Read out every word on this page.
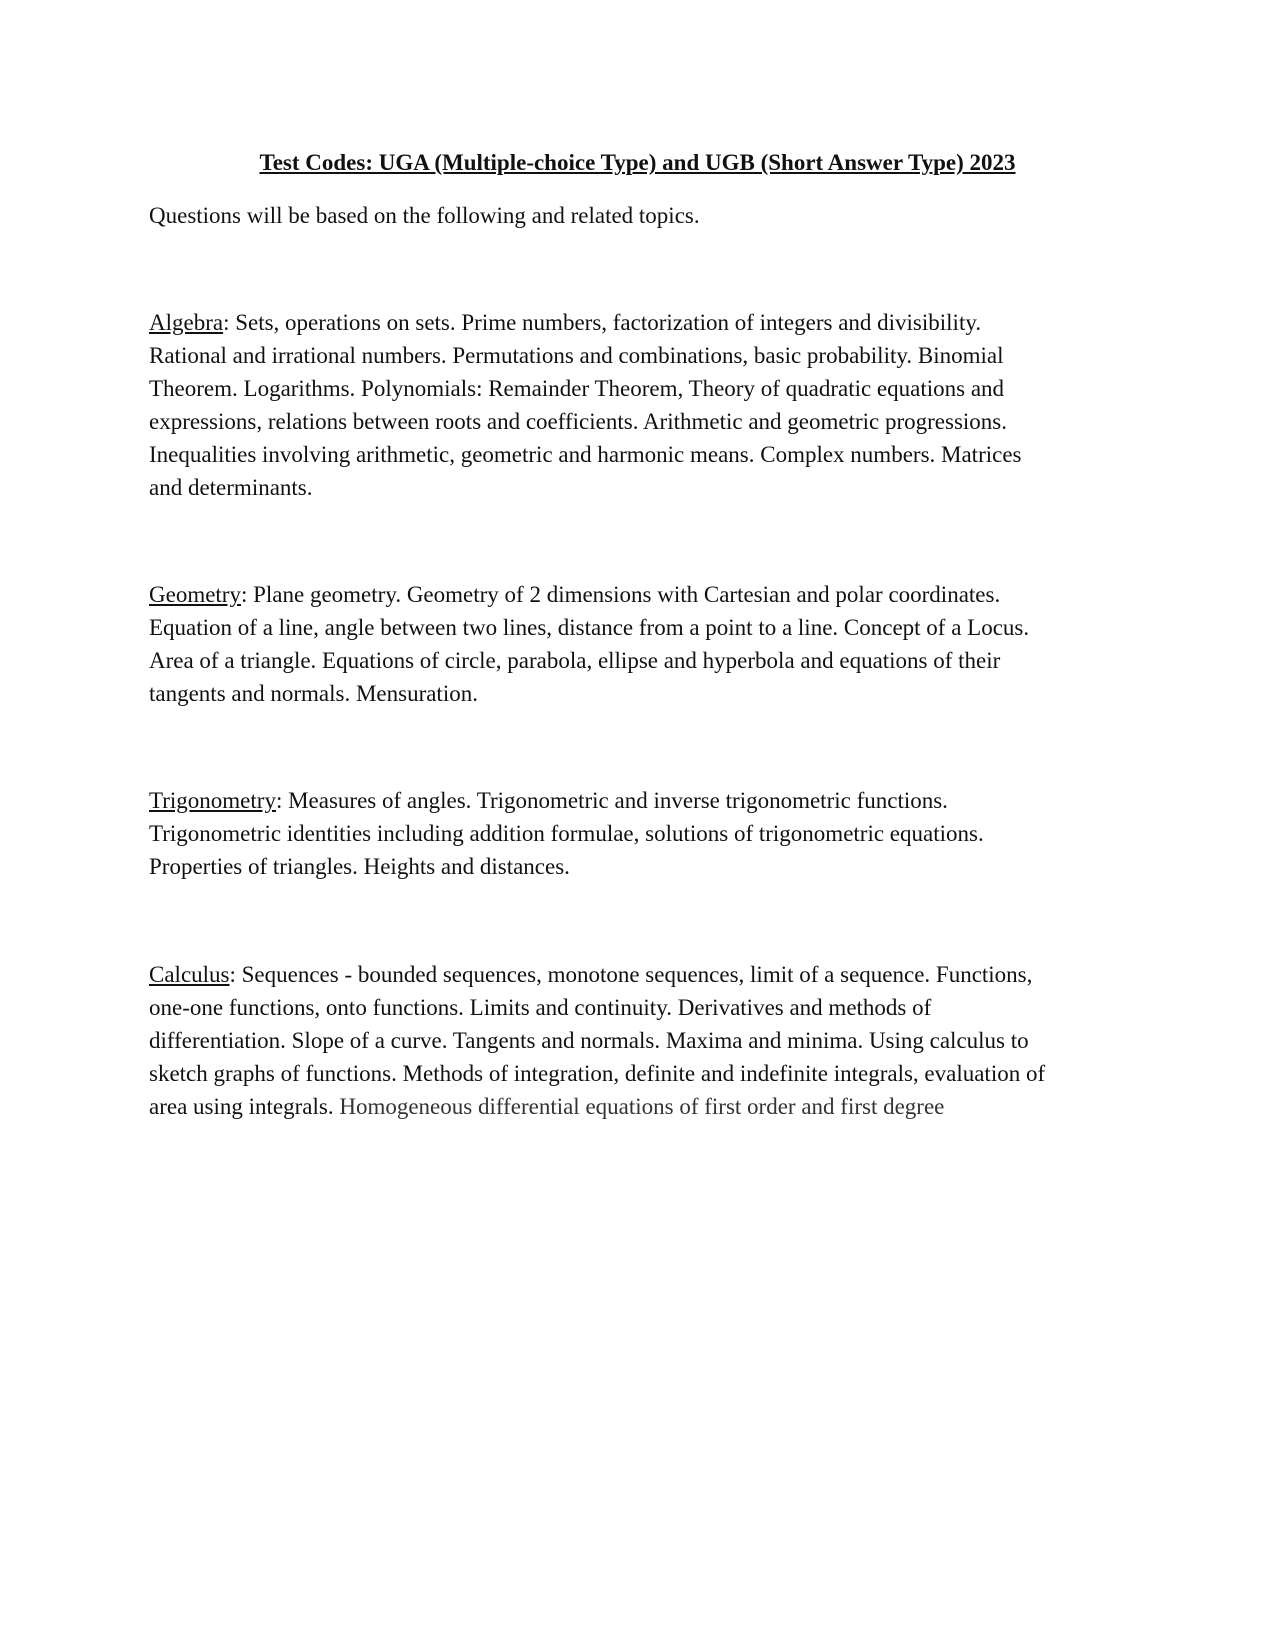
Test Codes: UGA (Multiple-choice Type) and UGB (Short Answer Type) 2023
Questions will be based on the following and related topics.
Algebra: Sets, operations on sets. Prime numbers, factorization of integers and divisibility.
Rational and irrational numbers. Permutations and combinations, basic probability. Binomial
Theorem. Logarithms. Polynomials: Remainder Theorem, Theory of quadratic equations and
expressions, relations between roots and coefficients. Arithmetic and geometric progressions.
Inequalities involving arithmetic, geometric and harmonic means. Complex numbers. Matrices
and determinants.
Geometry: Plane geometry. Geometry of 2 dimensions with Cartesian and polar coordinates.
Equation of a line, angle between two lines, distance from a point to a line. Concept of a Locus.
Area of a triangle. Equations of circle, parabola, ellipse and hyperbola and equations of their
tangents and normals. Mensuration.
Trigonometry: Measures of angles. Trigonometric and inverse trigonometric functions.
Trigonometric identities including addition formulae, solutions of trigonometric equations.
Properties of triangles. Heights and distances.
Calculus: Sequences - bounded sequences, monotone sequences, limit of a sequence. Functions,
one-one functions, onto functions. Limits and continuity. Derivatives and methods of
differentiation. Slope of a curve. Tangents and normals. Maxima and minima. Using calculus to
sketch graphs of functions. Methods of integration, definite and indefinite integrals, evaluation of
area using integrals. Homogeneous differential equations of first order and first degree
